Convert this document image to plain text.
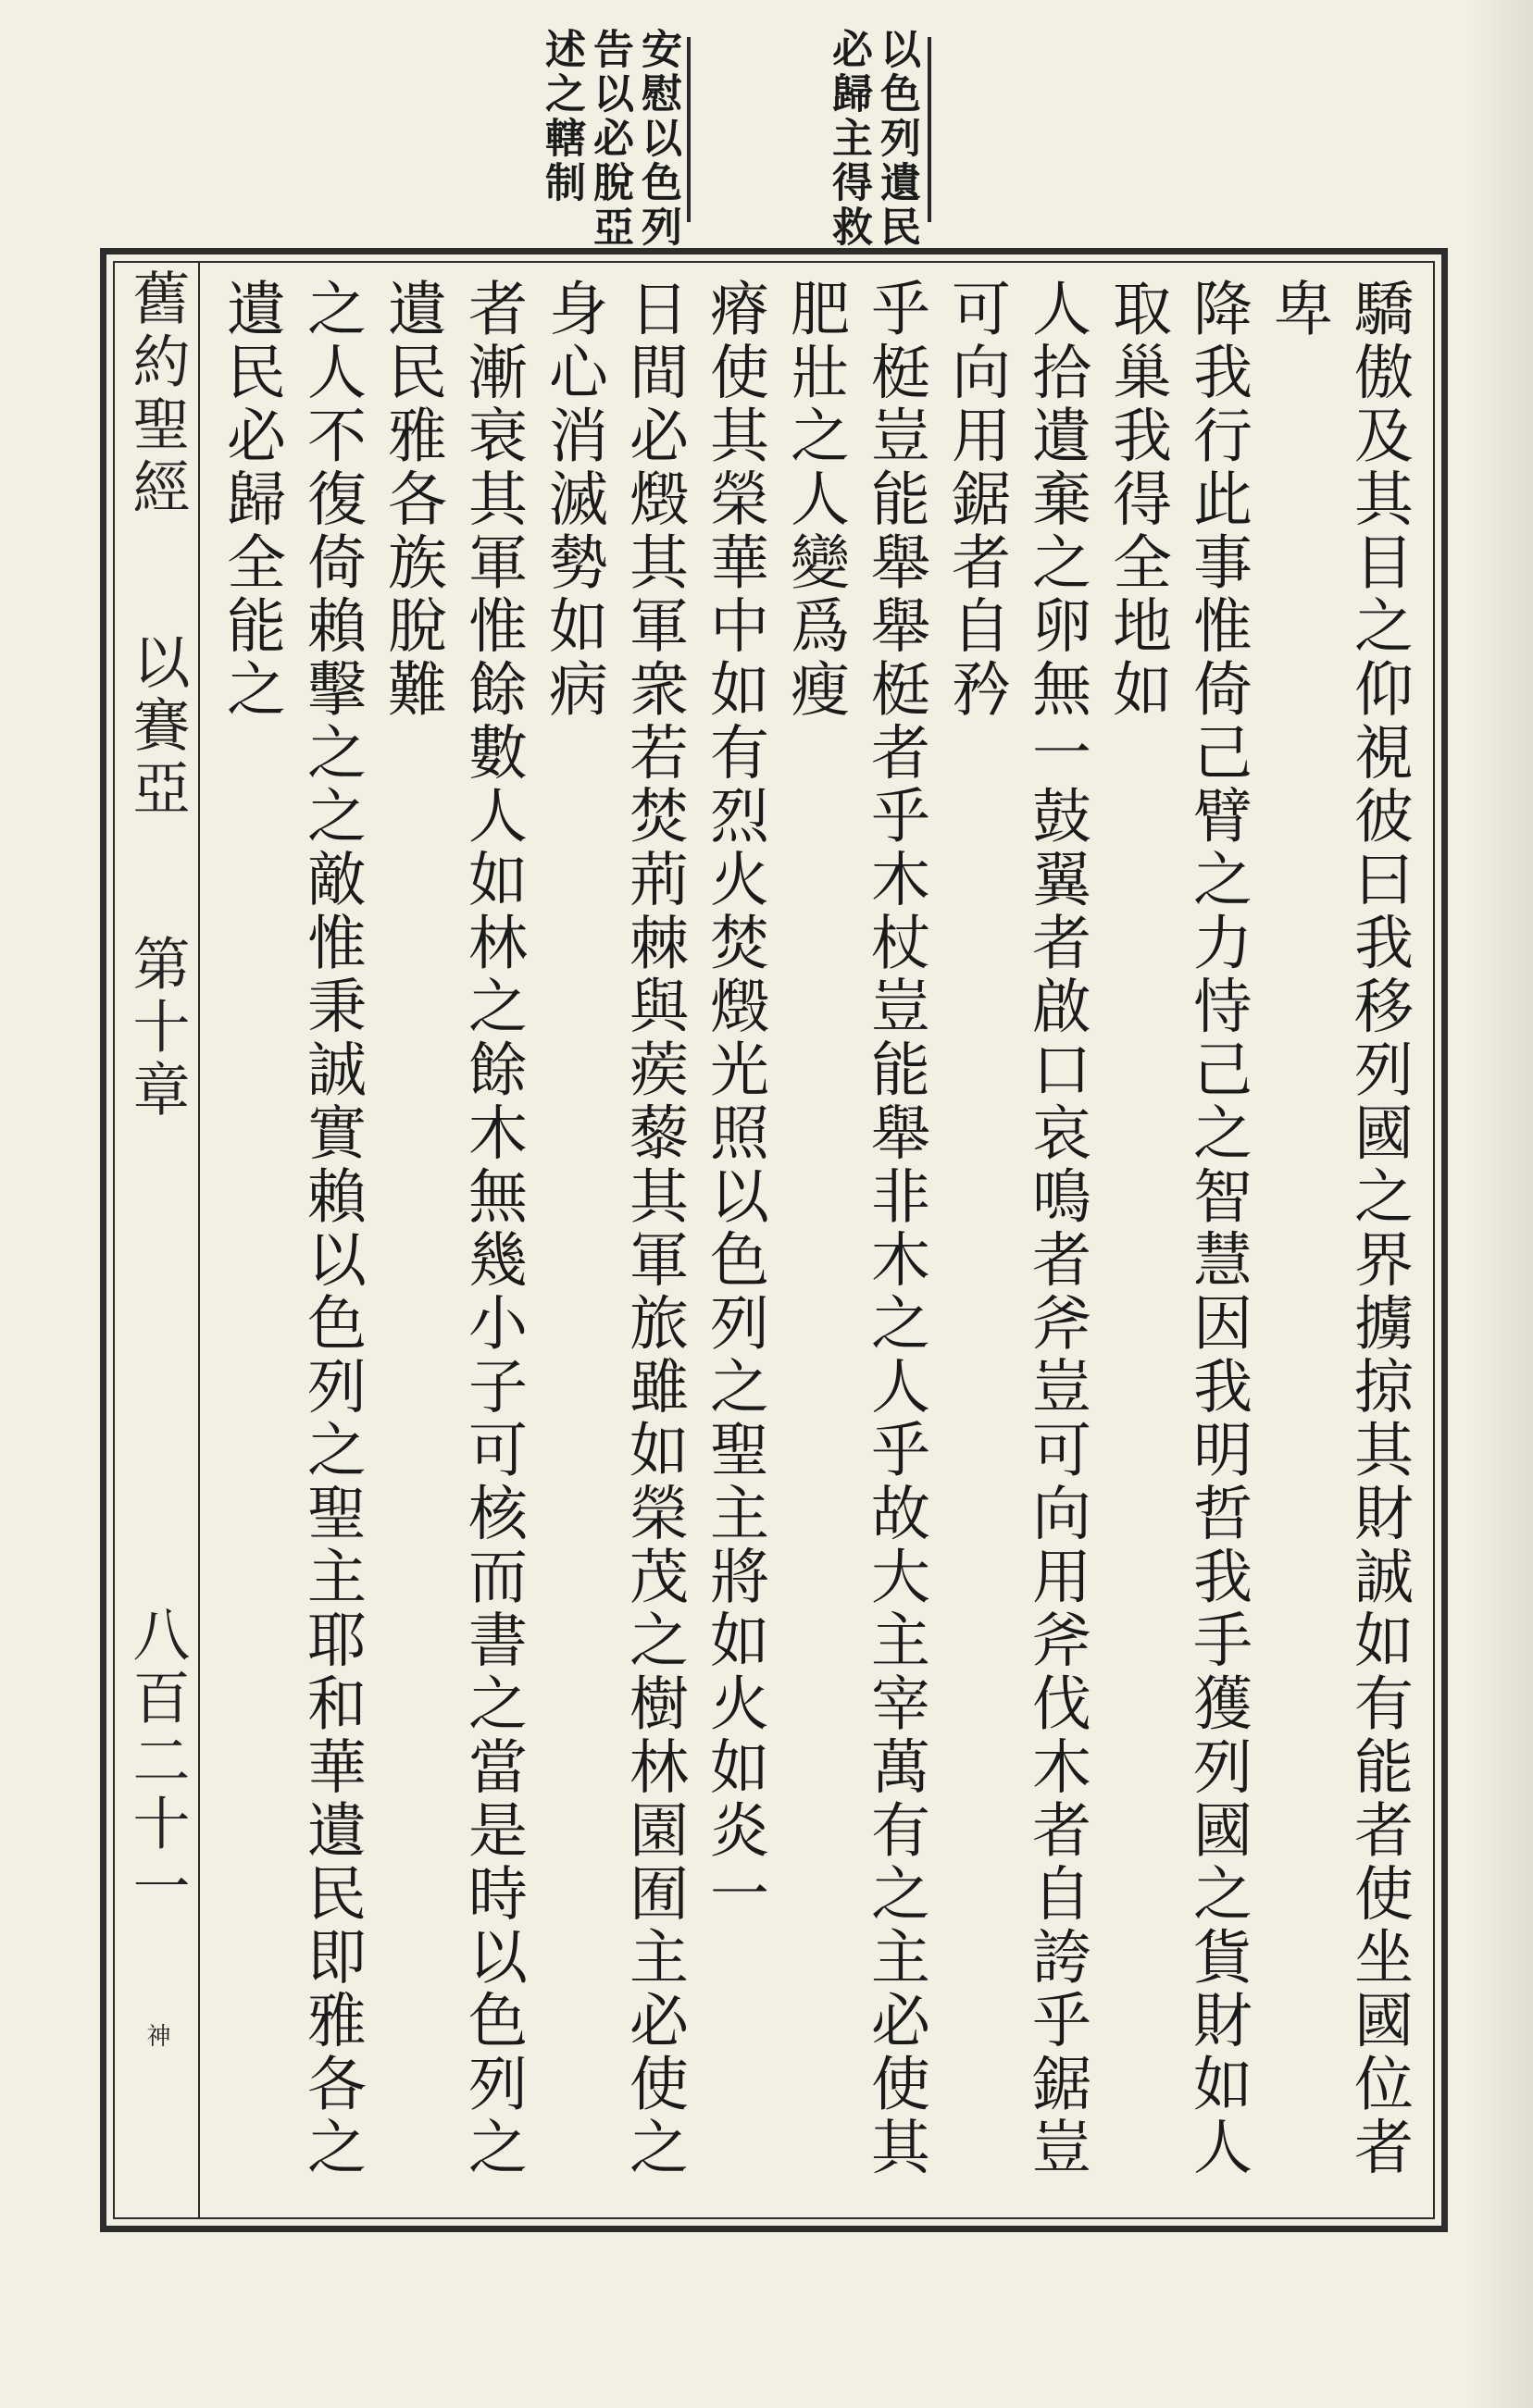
以色列遺民
必歸主得救
安慰以色列
告以必脫亞
述之轄制
舊約聖經  以賽亞  第十章  八百二十一  神	驕傲及其目之仰視彼曰我移列國之界擄掠其財誠如有能者使坐國位者卑
降我行此事惟倚己臂之力恃己之智慧因我明哲我手獲列國之貨財如人取巢我得全地如
人拾遺棄之卵無一鼓翼者啟口哀鳴者斧豈可向用斧伐木者自誇乎鋸豈可向用鋸者自矜
乎梃豈能舉舉梃者乎木杖豈能舉非木之人乎故大主宰萬有之主必使其肥壯之人變爲瘦
瘠使其榮華中如有烈火焚燬光照以色列之聖主將如火如炎一
日間必燬其軍衆若焚荊棘與蒺藜其軍旅雖如榮茂之樹林園囿主必使之身心消滅勢如病
者漸衰其軍惟餘數人如林之餘木無幾小子可核而書之當是時以色列之遺民雅各族脫難
之人不復倚賴擊之之敵惟秉誠實賴以色列之聖主耶和華遺民即雅各之遺民必歸全能之
